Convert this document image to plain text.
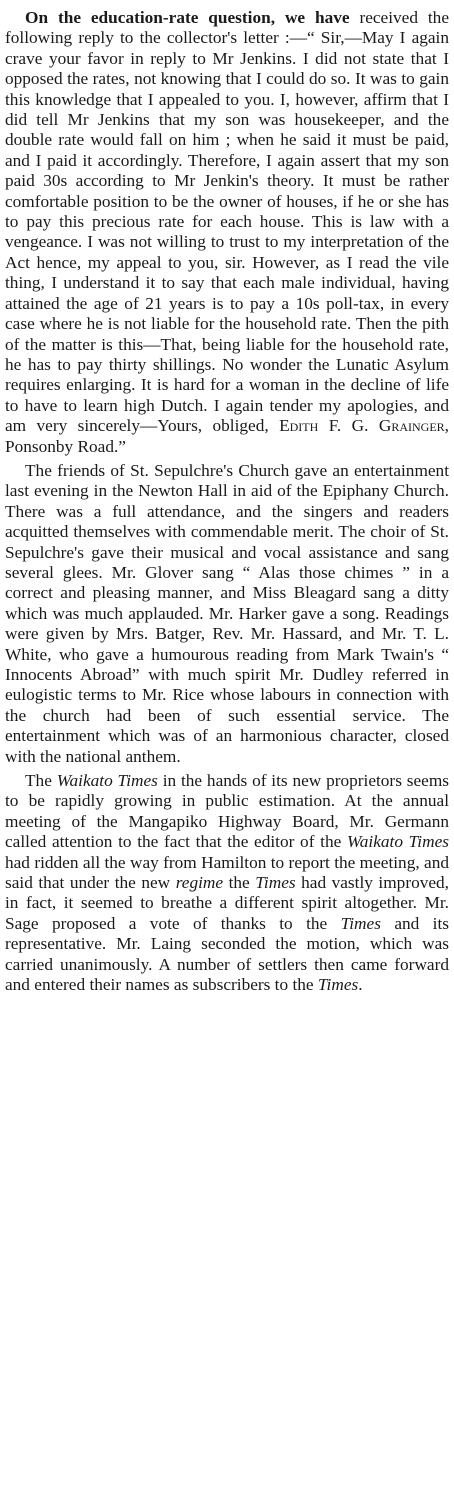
On the education-rate question, we have received the following reply to the collector's letter :—“ Sir,—May I again crave your favor in reply to Mr Jenkins. I did not state that I opposed the rates, not knowing that I could do so. It was to gain this knowledge that I appealed to you. I, however, affirm that I did tell Mr Jenkins that my son was housekeeper, and the double rate would fall on him ; when he said it must be paid, and I paid it accordingly. Therefore, I again assert that my son paid 30s according to Mr Jenkin's theory. It must be rather comfortable position to be the owner of houses, if he or she has to pay this precious rate for each house. This is law with a vengeance. I was not willing to trust to my interpretation of the Act hence, my appeal to you, sir. However, as I read the vile thing, I understand it to say that each male individual, having attained the age of 21 years is to pay a 10s poll-tax, in every case where he is not liable for the household rate. Then the pith of the matter is this—That, being liable for the household rate, he has to pay thirty shillings. No wonder the Lunatic Asylum requires enlarging. It is hard for a woman in the decline of life to have to learn high Dutch. I again tender my apologies, and am very sincerely—Yours, obliged, Edith F. G. Grainger, Ponsonby Road.”

The friends of St. Sepulchre's Church gave an entertainment last evening in the Newton Hall in aid of the Epiphany Church. There was a full attendance, and the singers and readers acquitted themselves with commendable merit. The choir of St. Sepulchre's gave their musical and vocal assistance and sang several glees. Mr. Glover sang “ Alas those chimes ” in a correct and pleasing manner, and Miss Bleagard sang a ditty which was much applauded. Mr. Harker gave a song. Readings were given by Mrs. Batger, Rev. Mr. Hassard, and Mr. T. L. White, who gave a humourous reading from Mark Twain's “ Innocents Abroad” with much spirit Mr. Dudley referred in eulogistic terms to Mr. Rice whose labours in connection with the church had been of such essential service. The entertainment which was of an harmonious character, closed with the national anthem.

The Waikato Times in the hands of its new proprietors seems to be rapidly growing in public estimation. At the annual meeting of the Mangapiko Highway Board, Mr. Germann called attention to the fact that the editor of the Waikato Times had ridden all the way from Hamilton to report the meeting, and said that under the new regime the Times had vastly improved, in fact, it seemed to breathe a different spirit altogether. Mr. Sage proposed a vote of thanks to the Times and its representative. Mr. Laing seconded the motion, which was carried unanimously. A number of settlers then came forward and entered their names as subscribers to the Times.
